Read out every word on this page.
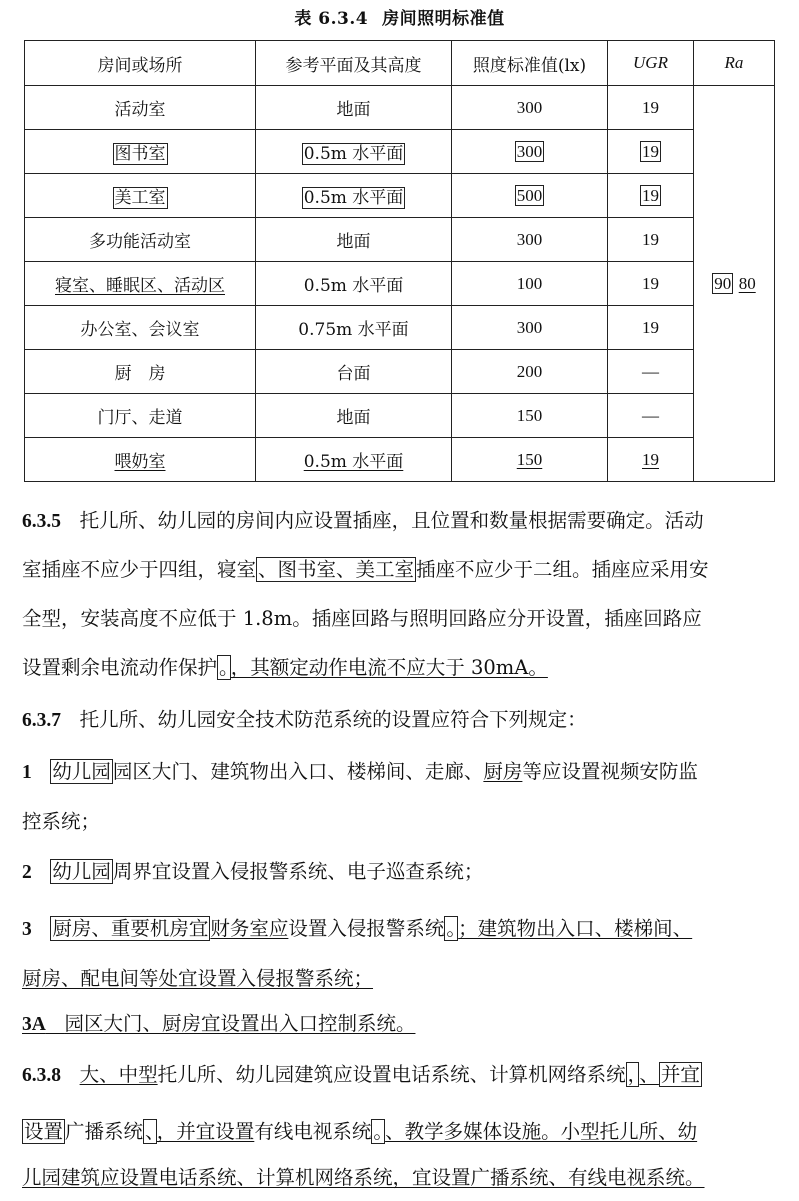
表 6.3.4 房间照明标准值
房间或场所	参考平面及其高度	照度标准值(lx)	UGR	Ra
活动室	地面	300	19	90 80
图书室	0.5m 水平面	300	19	
美工室	0.5m 水平面	500	19	
多功能活动室	地面	300	19	
寝室、睡眠区、活动区	0.5m 水平面	100	19	
办公室、会议室	0.75m 水平面	300	19	
厨　房	台面	200	—	
门厅、走道	地面	150	—	
喂奶室	0.5m 水平面	150	19	
6.3.5 托儿所、幼儿园的房间内应设置插座，且位置和数量根据需要确定。活动
室插座不应少于四组，寝室 、图书室、美工室 插座不应少于二组。插座应采用安
全型，安装高度不应低于 1.8m。插座回路与照明回路应分开设置，插座回路应
设置剩余电流动作保护 。 ，其额定动作电流不应大于 30mA。
6.3.7 托儿所、幼儿园安全技术防范系统的设置应符合下列规定：
1 幼儿园 园区大门、建筑物出入口、楼梯间、走廊、厨房等应设置视频安防监
控系统；
2 幼儿园 周界宜设置入侵报警系统、电子巡查系统；
3 厨房、重要机房宜 财务室应设置入侵报警系统 。 ；建筑物出入口、楼梯间、
厨房、配电间等处宜设置入侵报警系统；
3A 园区大门、厨房宜设置出入口控制系统。
6.3.8 大、中型托儿所、幼儿园建筑应设置电话系统、计算机网络系统 ， 、 并宜
设置 广播系统 、 ，并宜设置有线电视系统 。 、教学多媒体设施。小型托儿所、幼
儿园建筑应设置电话系统、计算机网络系统，宜设置广播系统、有线电视系统。
